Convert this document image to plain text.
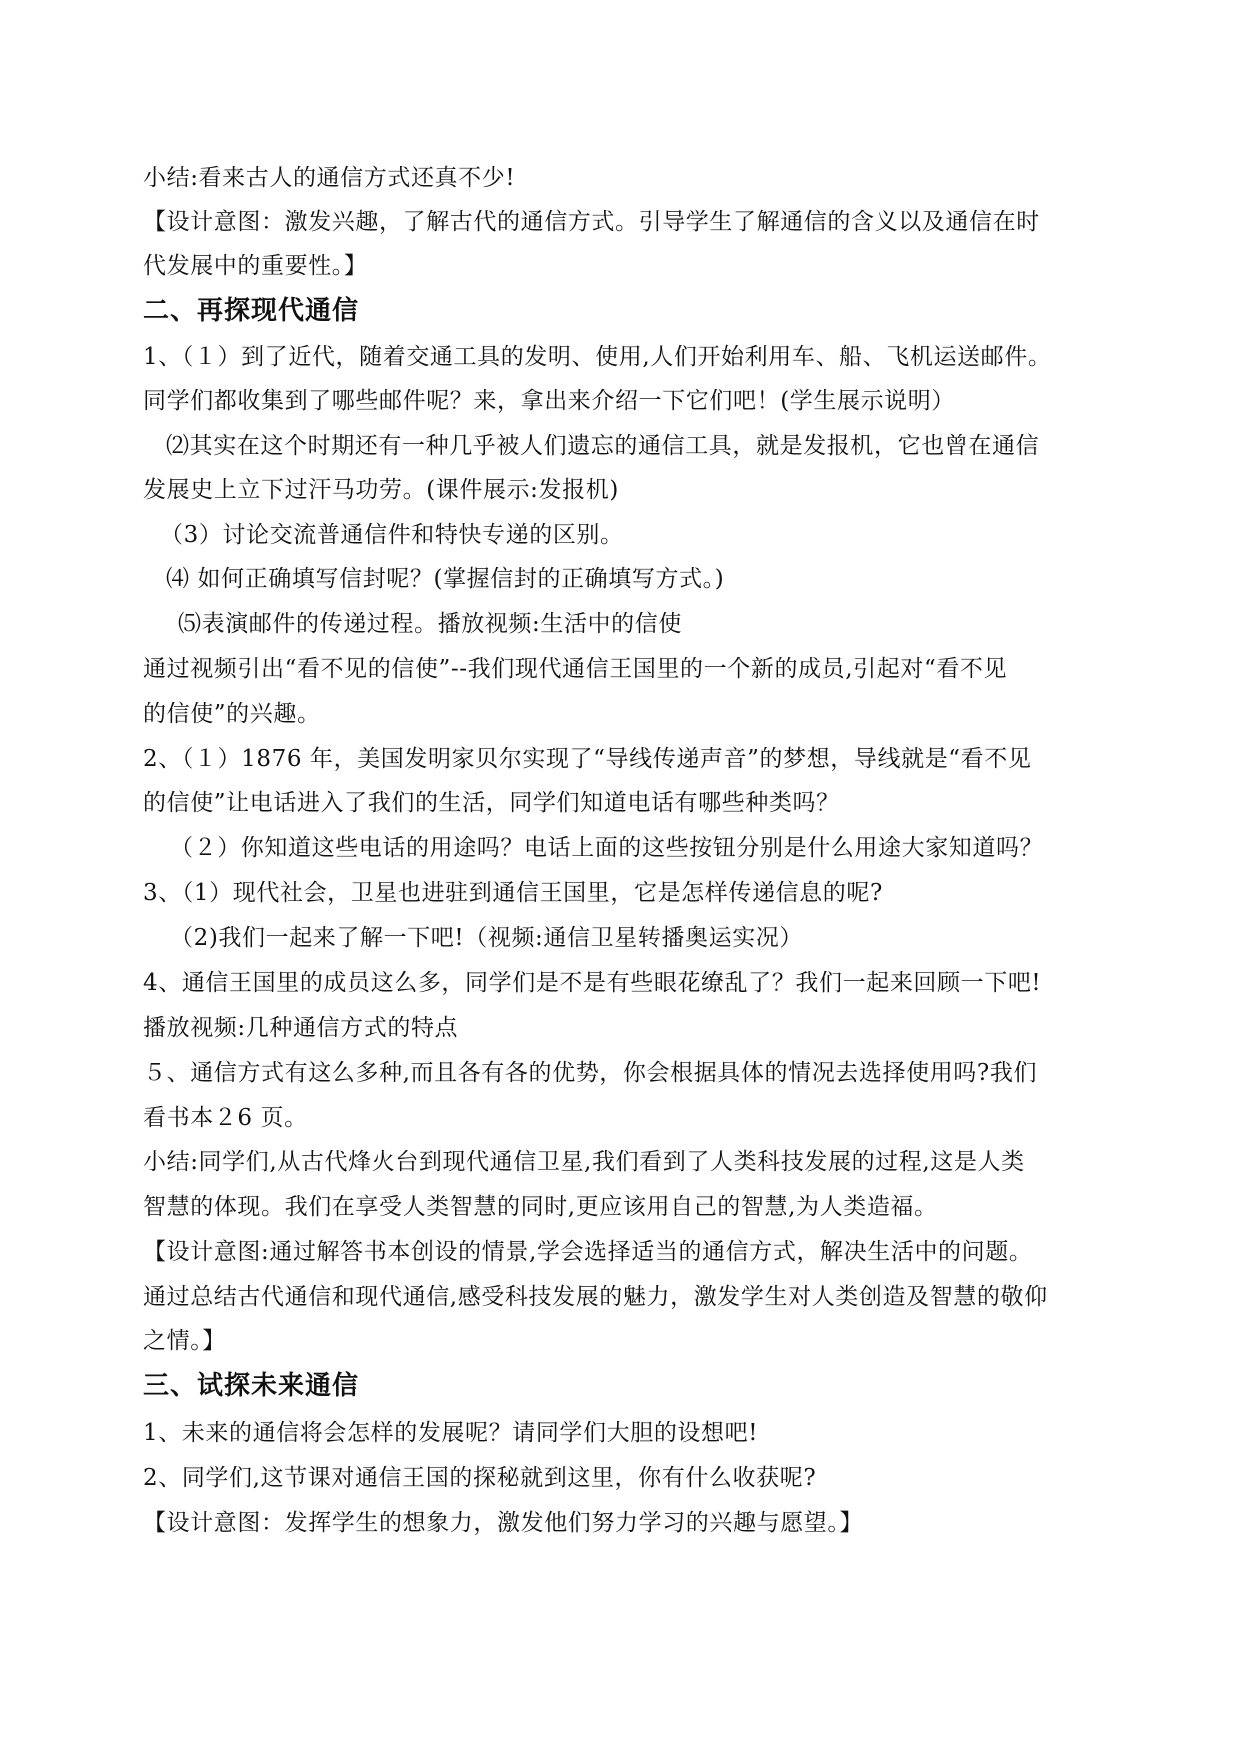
小结:看来古人的通信方式还真不少!
【设计意图：激发兴趣，了解古代的通信方式。引导学生了解通信的含义以及通信在时
代发展中的重要性。】
二、再探现代通信
1、（１）到了近代，随着交通工具的发明、使用,人们开始利用车、船、飞机运送邮件。
同学们都收集到了哪些邮件呢？来，拿出来介绍一下它们吧！(学生展示说明）
⑵其实在这个时期还有一种几乎被人们遗忘的通信工具，就是发报机，它也曾在通信
发展史上立下过汗马功劳。(课件展示:发报机)
（3）讨论交流普通信件和特快专递的区别。
⑷ 如何正确填写信封呢？(掌握信封的正确填写方式。)
⑸表演邮件的传递过程。播放视频:生活中的信使
通过视频引出“看不见的信使”--我们现代通信王国里的一个新的成员,引起对“看不见
的信使”的兴趣。
2、（１）1876 年，美国发明家贝尔实现了“导线传递声音”的梦想，导线就是“看不见
的信使”让电话进入了我们的生活，同学们知道电话有哪些种类吗？
（２）你知道这些电话的用途吗？电话上面的这些按钮分别是什么用途大家知道吗？
3、（1）现代社会，卫星也进驻到通信王国里，它是怎样传递信息的呢?
（2)我们一起来了解一下吧!（视频:通信卫星转播奥运实况）
4、通信王国里的成员这么多，同学们是不是有些眼花缭乱了？我们一起来回顾一下吧!
播放视频:几种通信方式的特点
５、通信方式有这么多种,而且各有各的优势，你会根据具体的情况去选择使用吗?我们
看书本２6 页。
小结:同学们,从古代烽火台到现代通信卫星,我们看到了人类科技发展的过程,这是人类
智慧的体现。我们在享受人类智慧的同时,更应该用自己的智慧,为人类造福。
【设计意图:通过解答书本创设的情景,学会选择适当的通信方式，解决生活中的问题。
通过总结古代通信和现代通信,感受科技发展的魅力，激发学生对人类创造及智慧的敬仰
之情。】
三、试探未来通信
1、未来的通信将会怎样的发展呢？请同学们大胆的设想吧!
2、同学们,这节课对通信王国的探秘就到这里，你有什么收获呢?
【设计意图：发挥学生的想象力，激发他们努力学习的兴趣与愿望。】
